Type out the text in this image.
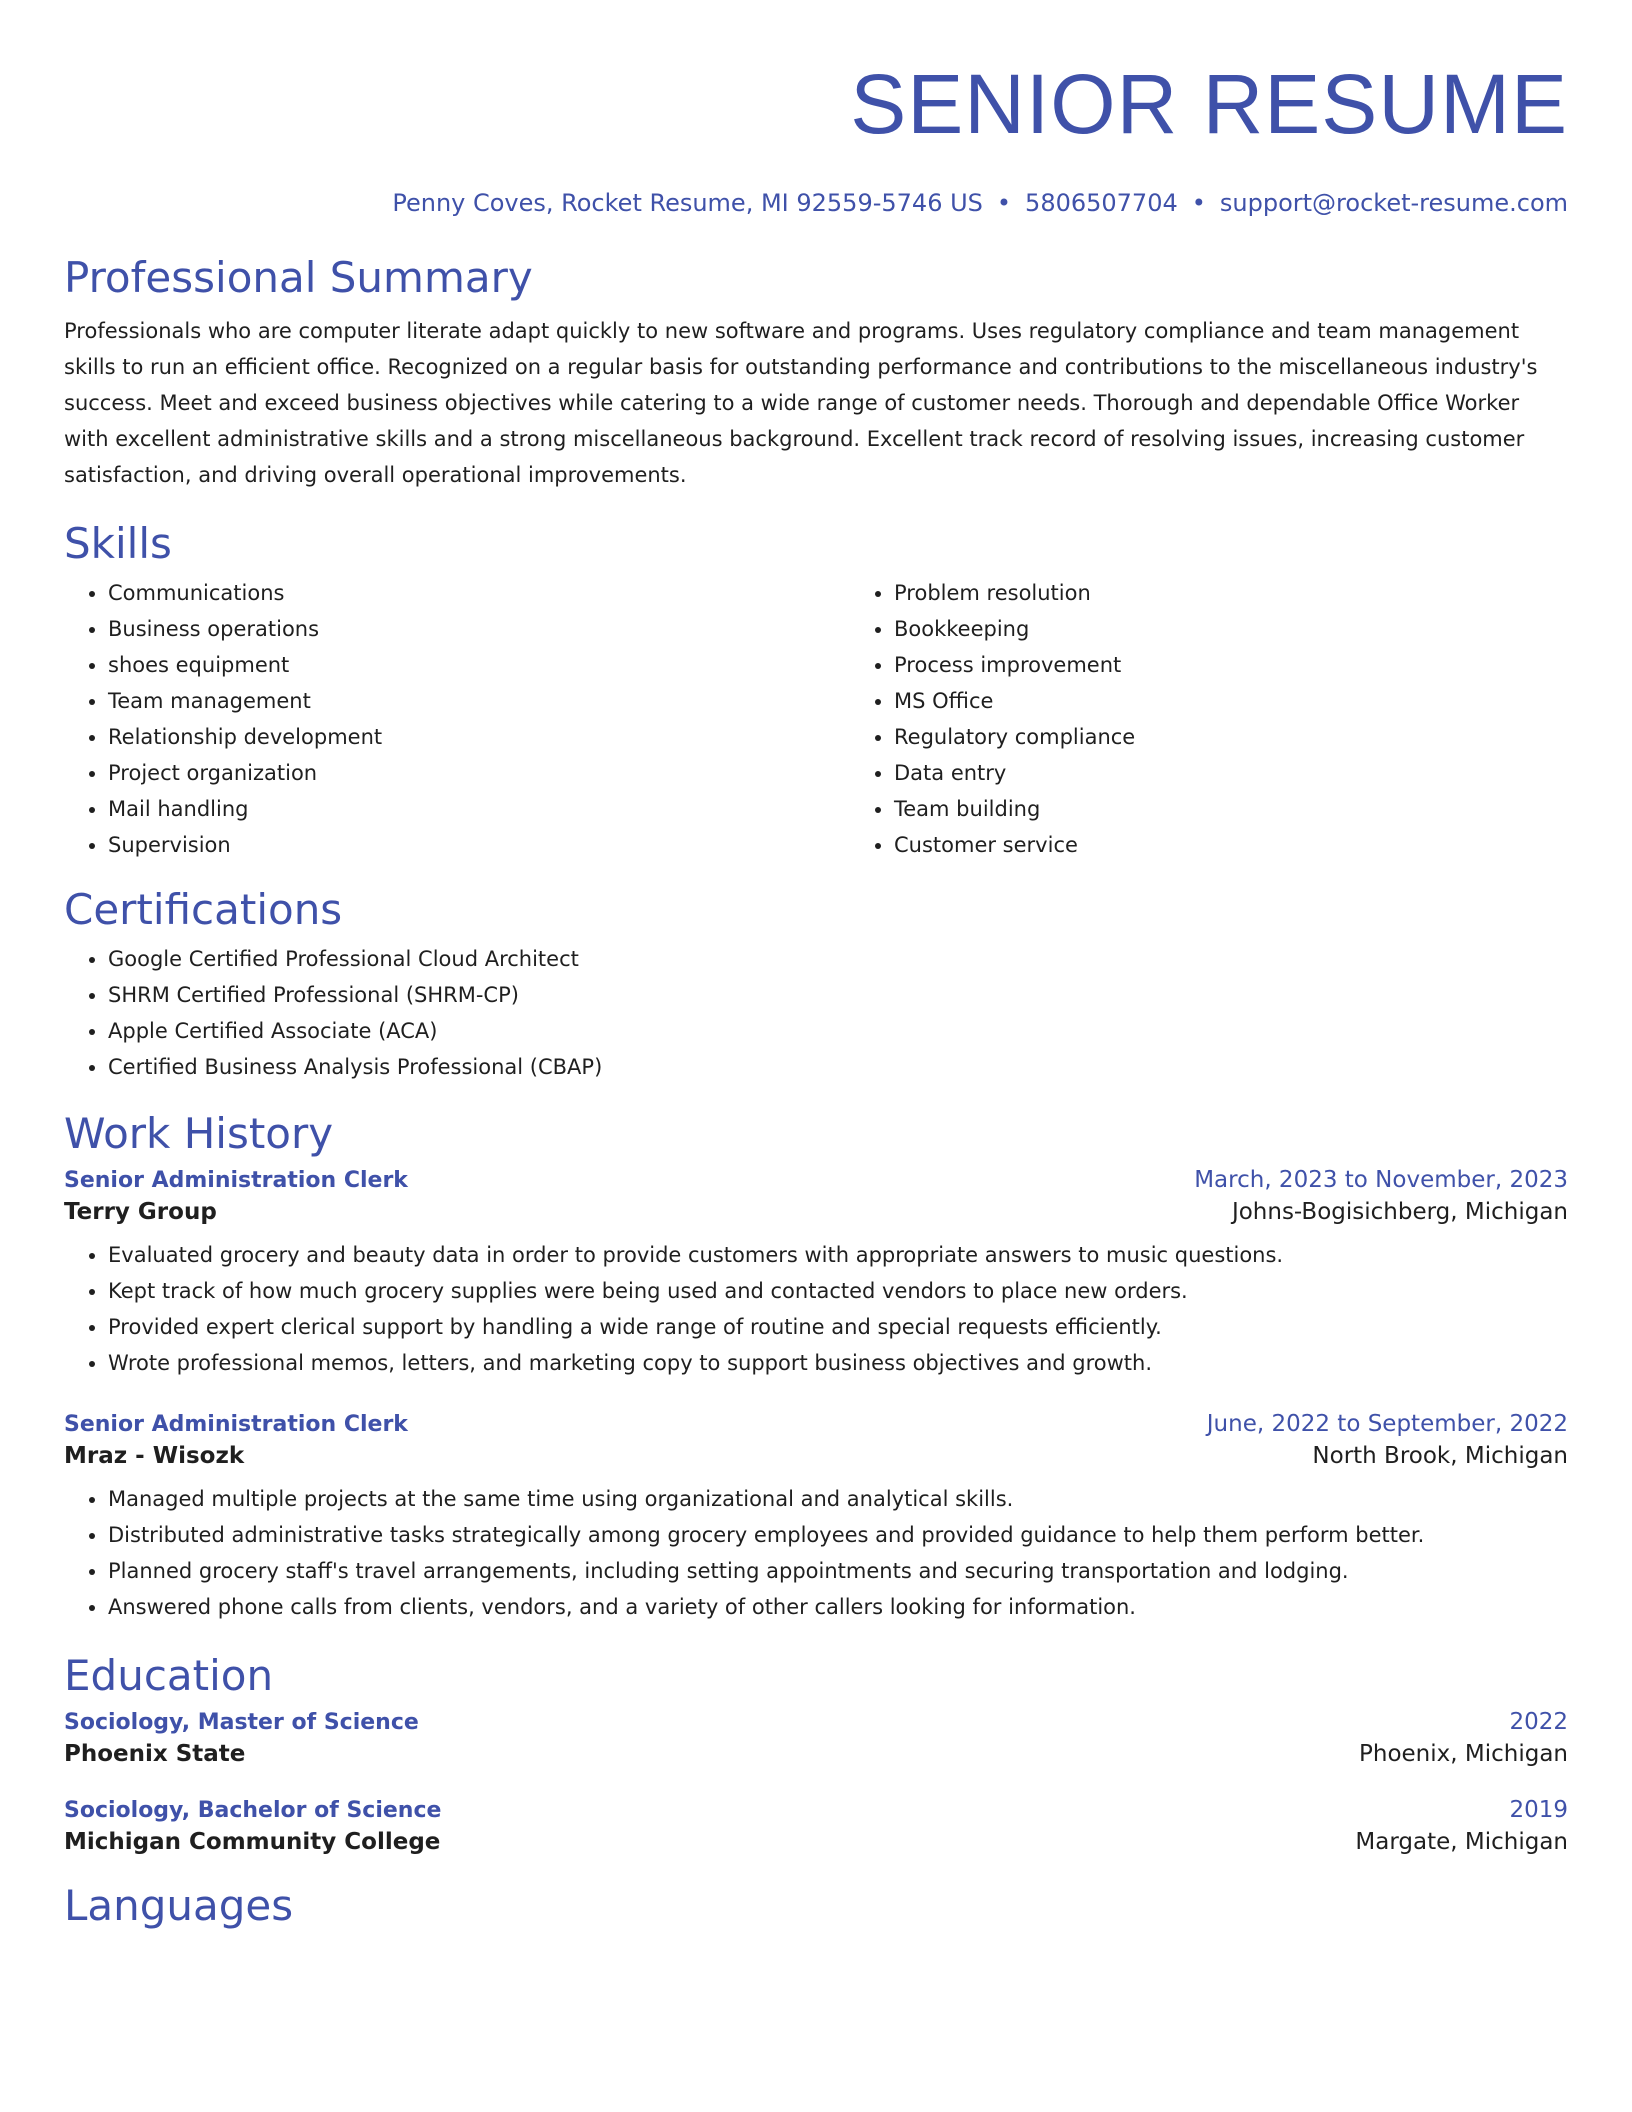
SENIOR RESUME
Penny Coves, Rocket Resume, MI 92559-5746 US • 5806507704 • support@rocket-resume.com
Professional Summary

Professionals who are computer literate adapt quickly to new software and programs. Uses regulatory compliance and team management skills to run an efficient office. Recognized on a regular basis for outstanding performance and contributions to the miscellaneous industry's success. Meet and exceed business objectives while catering to a wide range of customer needs. Thorough and dependable Office Worker with excellent administrative skills and a strong miscellaneous background. Excellent track record of resolving issues, increasing customer satisfaction, and driving overall operational improvements.

Skills
• Communications
• Business operations
• shoes equipment
• Team management
• Relationship development
• Project organization
• Mail handling
• Supervision
• Problem resolution
• Bookkeeping
• Process improvement
• MS Office
• Regulatory compliance
• Data entry
• Team building
• Customer service
Certifications
• Google Certified Professional Cloud Architect
• SHRM Certified Professional (SHRM-CP)
• Apple Certified Associate (ACA)
• Certified Business Analysis Professional (CBAP)
Work History
Senior Administration Clerk	March, 2023 to November, 2023
Terry Group	Johns-Bogisichberg, Michigan
• Evaluated grocery and beauty data in order to provide customers with appropriate answers to music questions.
• Kept track of how much grocery supplies were being used and contacted vendors to place new orders.
• Provided expert clerical support by handling a wide range of routine and special requests efficiently.
• Wrote professional memos, letters, and marketing copy to support business objectives and growth.
Senior Administration Clerk	June, 2022 to September, 2022
Mraz - Wisozk	North Brook, Michigan
• Managed multiple projects at the same time using organizational and analytical skills.
• Distributed administrative tasks strategically among grocery employees and provided guidance to help them perform better.
• Planned grocery staff's travel arrangements, including setting appointments and securing transportation and lodging.
• Answered phone calls from clients, vendors, and a variety of other callers looking for information.
Education
Sociology, Master of Science	2022
Phoenix State	Phoenix, Michigan
Sociology, Bachelor of Science	2019
Michigan Community College	Margate, Michigan
Languages
